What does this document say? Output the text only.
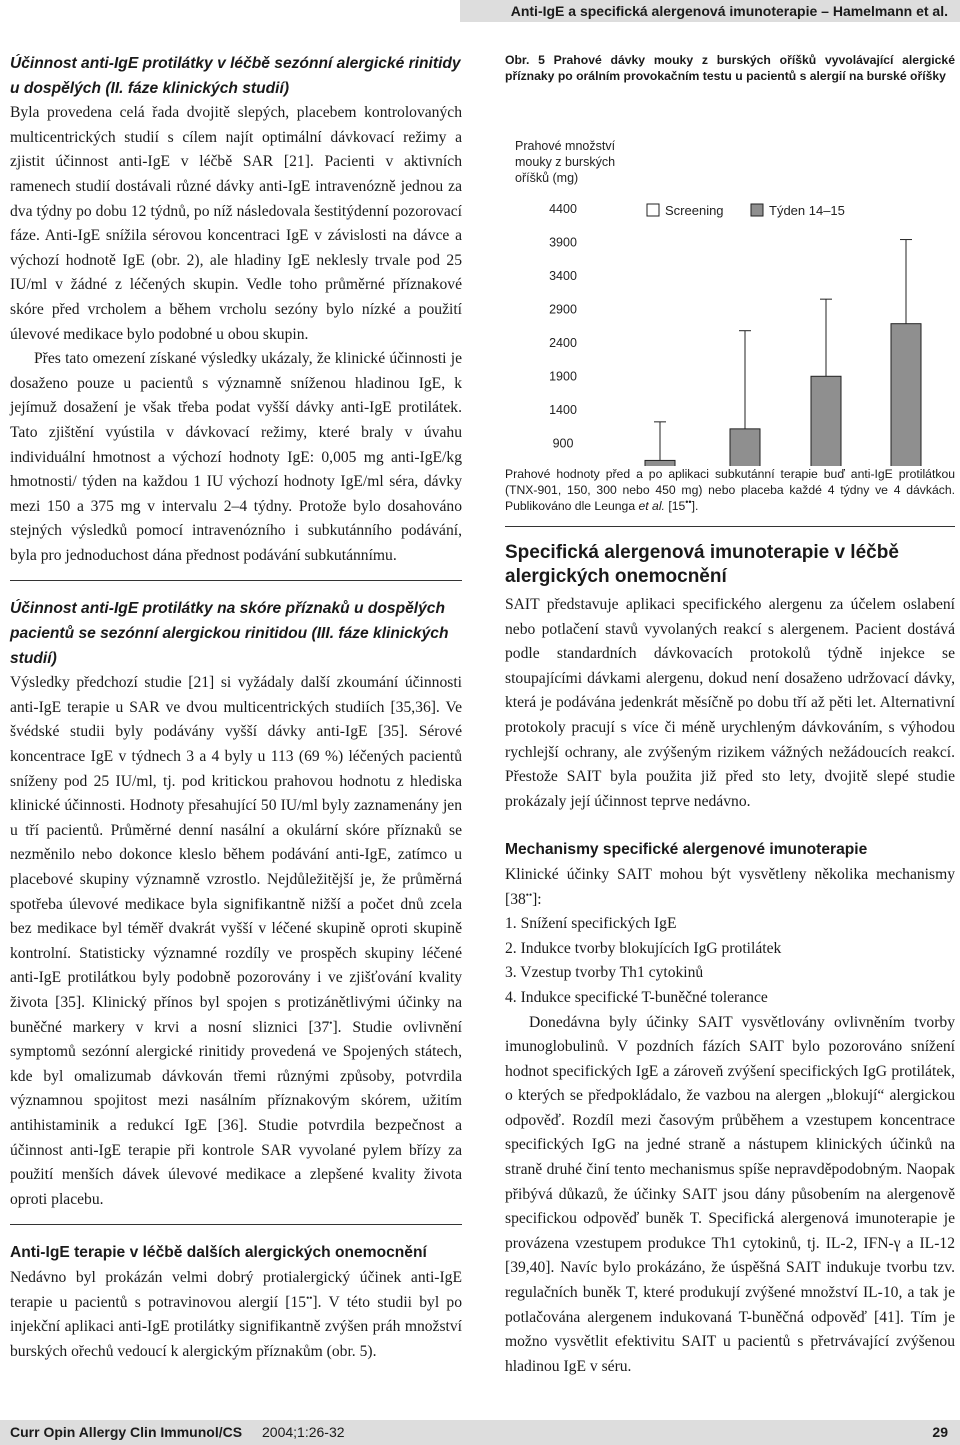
Anti-IgE a specifická alergenová imunoterapie – Hamelmann et al.
Účinnost anti-IgE protilátky v léčbě sezónní alergické rinitidy u dospělých (II. fáze klinických studií)

Byla provedena celá řada dvojitě slepých, placebem kontrolovaných multicentrických studií s cílem najít optimální dávkovací režimy a zjistit účinnost anti-IgE v léčbě SAR [21]. Pacienti v aktivních ramenech studií dostávali různé dávky anti-IgE intravenózně jednou za dva týdny po dobu 12 týdnů, po níž následovala šestitýdenní pozorovací fáze. Anti-IgE snížila sérovou koncentraci IgE v závislosti na dávce a výchozí hodnotě IgE (obr. 2), ale hladiny IgE neklesly trvale pod 25 IU/ml v žádné z léčených skupin. Vedle toho průměrné příznakové skóre před vrcholem a během vrcholu sezóny bylo nízké a použití úlevové medikace bylo podobné u obou skupin.

Přes tato omezení získané výsledky ukázaly, že klinické účinnosti je dosaženo pouze u pacientů s významně sníženou hladinou IgE, k jejímuž dosažení je však třeba podat vyšší dávky anti-IgE protilátek. Tato zjištění vyústila v dávkovací režimy, které braly v úvahu individuální hmotnost a výchozí hodnoty IgE: 0,005 mg anti-IgE/kg hmotnosti/ týden na každou 1 IU výchozí hodnoty IgE/ml séra, dávky mezi 150 a 375 mg v intervalu 2–4 týdny. Protože bylo dosahováno stejných výsledků pomocí intravenózního i subkutánního podávání, byla pro jednoduchost dána přednost podávání subkutánnímu.

Účinnost anti-IgE protilátky na skóre příznaků u dospělých pacientů se sezónní alergickou rinitidou (III. fáze klinických studií)

Výsledky předchozí studie [21] si vyžádaly další zkoumání účinnosti anti-IgE terapie u SAR ve dvou multicentrických studiích [35,36]. Ve švédské studii byly podávány vyšší dávky anti-IgE [35]. Sérové koncentrace IgE v týdnech 3 a 4 byly u 113 (69 %) léčených pacientů sníženy pod 25 IU/ml, tj. pod kritickou prahovou hodnotu z hlediska klinické účinnosti. Hodnoty přesahující 50 IU/ml byly zaznamenány jen u tří pacientů. Průměrné denní nasální a okulární skóre příznaků se nezměnilo nebo dokonce kleslo během podávání anti-IgE, zatímco u placebové skupiny významně vzrostlo. Nejdůležitější je, že průměrná spotřeba úlevové medikace byla signifikantně nižší a počet dnů zcela bez medikace byl téměř dvakrát vyšší v léčené skupině oproti skupině kontrolní. Statisticky významné rozdíly ve prospěch skupiny léčené anti-IgE protilátkou byly podobně pozorovány i ve zjišťování kvality života [35]. Klinický přínos byl spojen s protizánětlivými účinky na buněčné markery v krvi a nosní sliznici [37•]. Studie ovlivnění symptomů sezónní alergické rinitidy provedená ve Spojených státech, kde byl omalizumab dávkován třemi různými způsoby, potvrdila významnou spojitost mezi nasálním příznakovým skórem, užitím antihistaminik a redukcí IgE [36]. Studie potvrdila bezpečnost a účinnost anti-IgE terapie při kontrole SAR vyvolané pylem břízy za použití menších dávek úlevové medikace a zlepšené kvality života oproti placebu.

Anti-IgE terapie v léčbě dalších alergických onemocnění

Nedávno byl prokázán velmi dobrý protialergický účinek anti-IgE terapie u pacientů s potravinovou alergií [15••]. V této studii byl po injekční aplikaci anti-IgE protilátky signifikantně zvýšen práh množství burských ořechů vedoucí k alergickým příznakům (obr. 5).

Obr. 5 Prahové dávky mouky z burských oříšků vyvolávající alergické příznaky po orálním provokačním testu u pacientů s alergií na burské oříšky

Prahové množství
mouky z burských
oříšků (mg)
4400
3900
3400
2900
2400
1900
1400
900
Screening	Týden 14–15

Prahové hodnoty před a po aplikaci subkutánní terapie buď anti-IgE protilátkou (TNX-901, 150, 300 nebo 450 mg) nebo placeba každé 4 týdny ve 4 dávkách. Publikováno dle Leunga et al. [15••].

Specifická alergenová imunoterapie v léčbě alergických onemocnění

SAIT představuje aplikaci specifického alergenu za účelem oslabení nebo potlačení stavů vyvolaných reakcí s alergenem. Pacient dostává podle standardních dávkovacích protokolů týdně injekce se stoupajícími dávkami alergenu, dokud není dosaženo udržovací dávky, která je podávána jedenkrát měsíčně po dobu tří až pěti let. Alternativní protokoly pracují s více či méně urychleným dávkováním, s výhodou rychlejší ochrany, ale zvýšeným rizikem vážných nežádoucích reakcí. Přestože SAIT byla použita již před sto lety, dvojitě slepé studie prokázaly její účinnost teprve nedávno.

Mechanismy specifické alergenové imunoterapie

Klinické účinky SAIT mohou být vysvětleny několika mechanismy [38••]:

1. Snížení specifických IgE
2. Indukce tvorby blokujících IgG protilátek
3. Vzestup tvorby Th1 cytokinů
4. Indukce specifické T-buněčné tolerance

Donedávna byly účinky SAIT vysvětlovány ovlivněním tvorby imunoglobulinů. V pozdních fázích SAIT bylo pozorováno snížení hodnot specifických IgE a zároveň zvýšení specifických IgG protilátek, o kterých se předpokládalo, že vazbou na alergen „blokují“ alergickou odpověď. Rozdíl mezi časovým průběhem a vzestupem koncentrace specifických IgG na jedné straně a nástupem klinických účinků na straně druhé činí tento mechanismus spíše nepravděpodobným. Naopak přibývá důkazů, že účinky SAIT jsou dány působením na alergenově specifickou odpověď buněk T. Specifická alergenová imunoterapie je provázena vzestupem produkce Th1 cytokinů, tj. IL-2, IFN-γ a IL-12 [39,40]. Navíc bylo prokázáno, že úspěšná SAIT indukuje tvorbu tzv. regulačních buněk T, které produkují zvýšené množství IL-10, a tak je potlačována alergenem indukovaná T-buněčná odpověď [41]. Tím je možno vysvětlit efektivitu SAIT u pacientů s přetrvávající zvýšenou hladinou IgE v séru.

Curr Opin Allergy Clin Immunol/CS 2004;1:26-32	29
